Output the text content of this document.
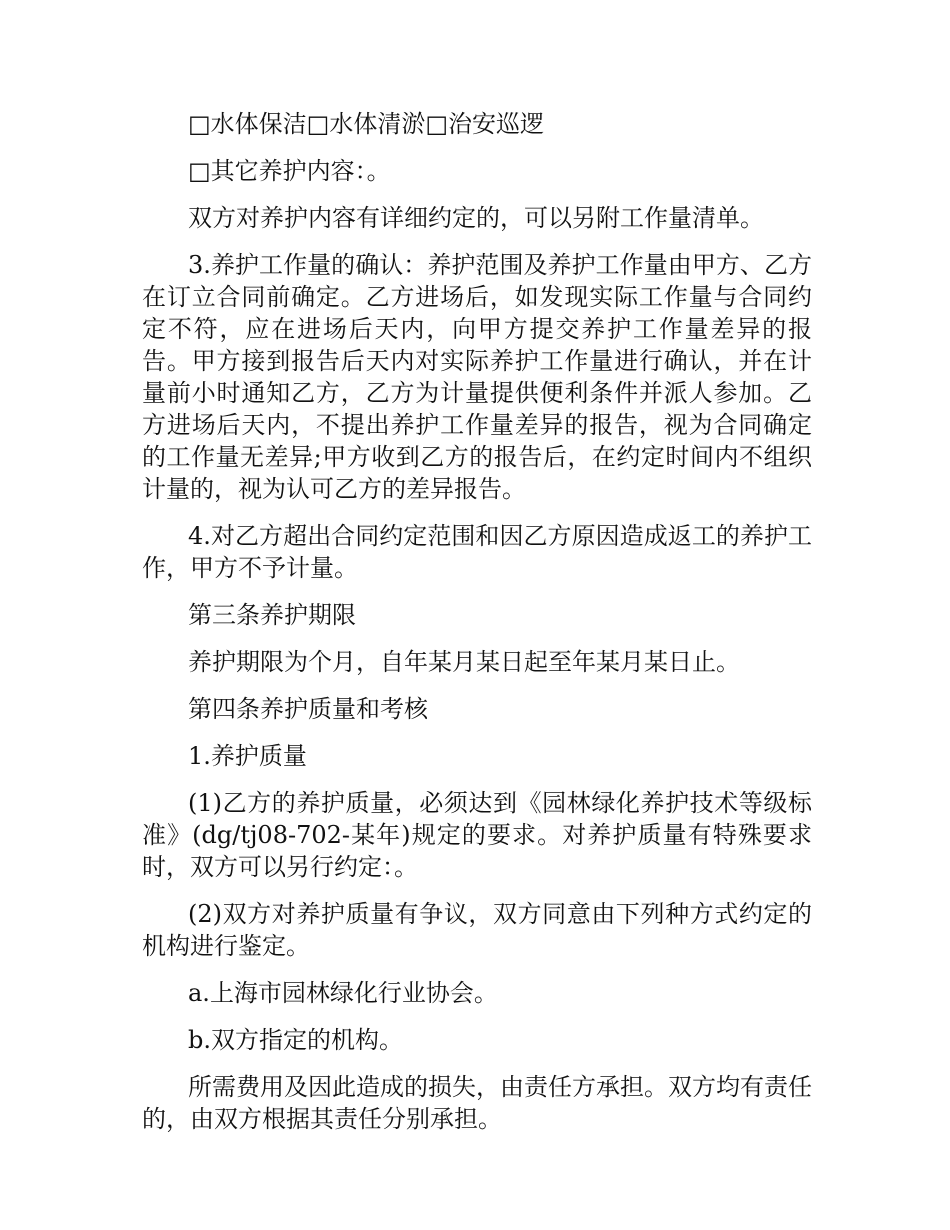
□水体保洁□水体清淤□治安巡逻

□其它养护内容：。

双方对养护内容有详细约定的，可以另附工作量清单。

3.养护工作量的确认：养护范围及养护工作量由甲方、乙方在订立合同前确定。乙方进场后，如发现实际工作量与合同约定不符，应在进场后天内，向甲方提交养护工作量差异的报告。甲方接到报告后天内对实际养护工作量进行确认，并在计量前小时通知乙方，乙方为计量提供便利条件并派人参加。乙方进场后天内，不提出养护工作量差异的报告，视为合同确定的工作量无差异;甲方收到乙方的报告后，在约定时间内不组织计量的，视为认可乙方的差异报告。

4.对乙方超出合同约定范围和因乙方原因造成返工的养护工作，甲方不予计量。

第三条养护期限

养护期限为个月，自年某月某日起至年某月某日止。

第四条养护质量和考核

1.养护质量

(1)乙方的养护质量，必须达到《园林绿化养护技术等级标准》(dg/tj08-702-某年)规定的要求。对养护质量有特殊要求时，双方可以另行约定：。

(2)双方对养护质量有争议，双方同意由下列种方式约定的机构进行鉴定。

a.上海市园林绿化行业协会。

b.双方指定的机构。

所需费用及因此造成的损失，由责任方承担。双方均有责任的，由双方根据其责任分别承担。
